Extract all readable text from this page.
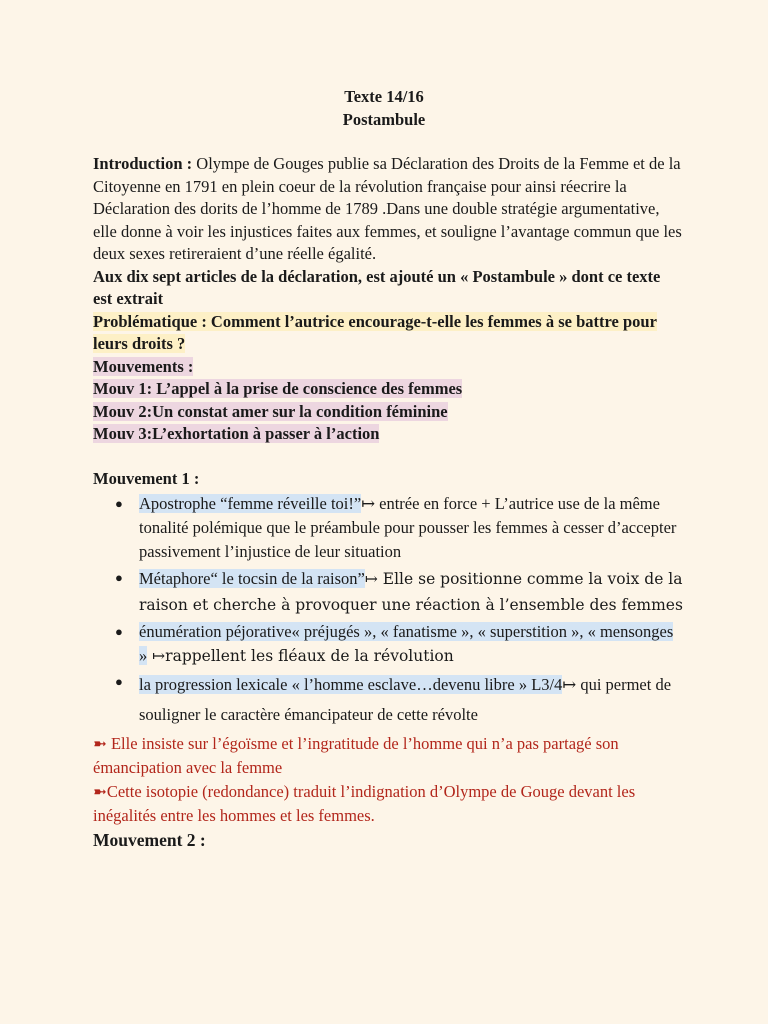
Texte 14/16
Postambule

Introduction : Olympe de Gouges publie sa Déclaration des Droits de la Femme et de la Citoyenne en 1791 en plein coeur de la révolution française pour ainsi réecrire la Déclaration des dorits de l’homme de 1789 .Dans une double stratégie argumentative, elle donne à voir les injustices faites aux femmes, et souligne l’avantage commun que les deux sexes retireraient d’une réelle égalité.

Aux dix sept articles de la déclaration, est ajouté un « Postambule » dont ce texte est extrait

Problématique : Comment l’autrice encourage-t-elle les femmes à se battre pour leurs droits ?

Mouvements :

Mouv 1: L’appel à la prise de conscience des femmes

Mouv 2:Un constat amer sur la condition féminine

Mouv 3:L’exhortation à passer à l’action

Mouvement 1 :

● Apostrophe “femme réveille toi!”↦ entrée en force + L’autrice use de la même tonalité polémique que le préambule pour pousser les femmes à cesser d’accepter passivement l’injustice de leur situation
● Métaphore“ le tocsin de la raison”↦ Elle se positionne comme la voix de la raison et cherche à provoquer une réaction à l’ensemble des femmes
● énumération péjorative« préjugés », « fanatisme », « superstition », « mensonges » ↦rappellent les fléaux de la révolution
● la progression lexicale « l’homme esclave…devenu libre » L3/4↦ qui permet de souligner le caractère émancipateur de cette révolte

➼ Elle insiste sur l’égoïsme et l’ingratitude de l’homme qui n’a pas partagé son émancipation avec la femme

➼Cette isotopie (redondance) traduit l’indignation d’Olympe de Gouge devant les inégalités entre les hommes et les femmes.

Mouvement 2 :
